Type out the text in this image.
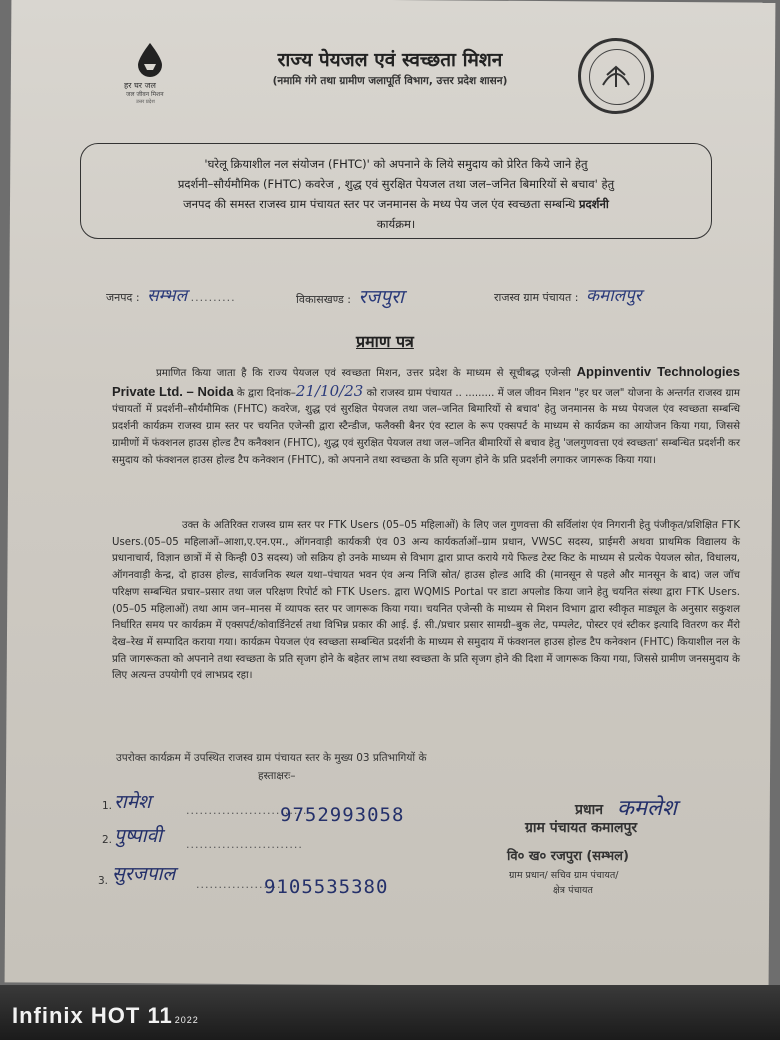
हर घर जल
जल जीवन मिशन
उत्तर प्रदेश
राज्य पेयजल एवं स्वच्छता मिशन
(नमामि गंगे तथा ग्रामीण जलापूर्ति विभाग, उत्तर प्रदेश शासन)
'घरेलू क्रियाशील नल संयोजन (FHTC)' को अपनाने के लिये समुदाय को प्रेरित किये जाने हेतु
प्रदर्शनी–सौर्यमौमिक (FHTC) कवरेज , शुद्ध एवं सुरक्षित पेयजल तथा जल–जनित बिमारियों से बचाव' हेतु
जनपद की समस्त राजस्व ग्राम पंचायत स्तर पर जनमानस के मध्य पेय जल एंव स्वच्छता सम्बन्धि प्रदर्शनी
कार्यक्रम।
जनपद : सम्भल ..........	विकासखण्ड : रजपुरा	राजस्व ग्राम पंचायत : कमालपुर
प्रमाण पत्र
प्रमाणित किया जाता है कि राज्य पेयजल एवं स्वच्छता मिशन, उत्तर प्रदेश के माध्यम से सूचीबद्ध एजेन्सी Appinventiv Technologies Private Ltd. – Noida के द्वारा दिनांक–21/10/23 को राजस्व ग्राम पंचायत .. ......... में जल जीवन मिशन "हर घर जल" योजना के अन्तर्गत राजस्व ग्राम पंचायतों में प्रदर्शनी–सौर्यमौमिक (FHTC) कवरेज, शुद्ध एवं सुरक्षित पेयजल तथा जल–जनित बिमारियों से बचाव' हेतु जनमानस के मध्य पेयजल एंव स्वच्छता सम्बन्धि प्रदर्शनी कार्यक्रम राजस्व ग्राम स्तर पर चयनित एजेन्सी द्वारा स्टैन्डीज, फलैक्सी बैनर एंव स्टाल के रूप एक्सपर्ट के माध्यम से कार्यक्रम का आयोजन किया गया, जिससे ग्रामीणों में फंक्शनल हाउस होल्ड टैप कनैक्शन (FHTC), शुद्ध एवं सुरक्षित पेयजल तथा जल–जनित बीमारियों से बचाव हेतु 'जलगुणवत्ता एवं स्वच्छता' सम्बन्धित प्रदर्शनी कर समुदाय को फंक्शनल हाउस होल्ड टैप कनेक्शन (FHTC), को अपनाने तथा स्वच्छता के प्रति सृजग होने के प्रति प्रदर्शनी लगाकर जागरूक किया गया।
उक्त के अतिरिक्त राजस्व ग्राम स्तर पर FTK Users (05–05 महिलाओं) के लिए जल गुणवत्ता की सर्विलांश एंव निगरानी हेतु पंजीकृत/प्रशिक्षित FTK Users.(05–05 महिलाओं–आशा,ए.एन.एम., ऑगनवाड़ी कार्यकत्री एंव 03 अन्य कार्यकर्ताओं–ग्राम प्रधान, VWSC सदस्य, प्राईमरी अथवा प्राथमिक विद्यालय के प्रधानाचार्य, विज्ञान छात्रों में से किन्ही 03 सदस्य) जो सक्रिय हो उनके माध्यम से विभाग द्वारा प्राप्त कराये गये फिल्ड टेस्ट किट के माध्यम से प्रत्येक पेयजल स्रोत, विधालय, ऑगनवाड़ी केन्द्र, दो हाउस होल्ड, सार्वजनिक स्थल यथा–पंचायत भवन एंव अन्य निजि स्रोत/ हाउस होल्ड आदि की (मानसून से पहले और मानसून के बाद) जल जॉच परिक्षण सम्बन्धित प्रचार–प्रसार तथा जल परिक्षण रिपोर्ट को FTK Users. द्वारा WQMIS Portal पर डाटा अपलोड किया जाने हेतु चयनित संस्था द्वारा FTK Users.(05–05 महिलाओं) तथा आम जन–मानस में व्यापक स्तर पर जागरूक किया गया। चयनित एजेन्सी के माध्यम से मिशन विभाग द्वारा स्वीकृत माड्यूल के अनुसार सकुशल निर्धारित समय पर कार्यक्रम में एक्सपर्ट/कोवार्डिनेटर्स तथा विभिन्न प्रकार की आई. ई. सी./प्रचार प्रसार सामग्री–बुक लेट, पम्पलेट, पोस्टर एवं स्टीकर इत्यादि वितरण कर मैंरो देख–रेख में सम्पादित कराया गया। कार्यक्रम पेयजल एंव स्वच्छता सम्बन्धित प्रदर्शनी के माध्यम से समुदाय में फंक्शनल हाउस होल्ड टैप कनेक्शन (FHTC) कियाशील नल के प्रति जागरूकता को अपनाने तथा स्वच्छता के प्रति सृजग होने के बहेतर लाभ तथा स्वच्छता के प्रति सृजग होने की दिशा में जागरूक किया गया, जिससे ग्रामीण जनसमुदाय के लिए अत्यन्त उपयोगी एवं लाभप्रद रहा।
उपरोक्त कार्यक्रम में उपस्थित राजस्व ग्राम पंचायत स्तर के मुख्य 03 प्रतिभागियों के
हस्ताक्षरः–
1. रामेश	...........................
9752993058
2. पुष्पावी ..........................
3. सुरजपाल ...................
9105535380
प्रधान कमलेश
ग्राम पंचायत कमालपुर
वि० ख० रजपुरा (सम्भल)
ग्राम प्रधान/ सचिव ग्राम पंचायत/
क्षेत्र पंचायत
Infinix HOT 11 2022
